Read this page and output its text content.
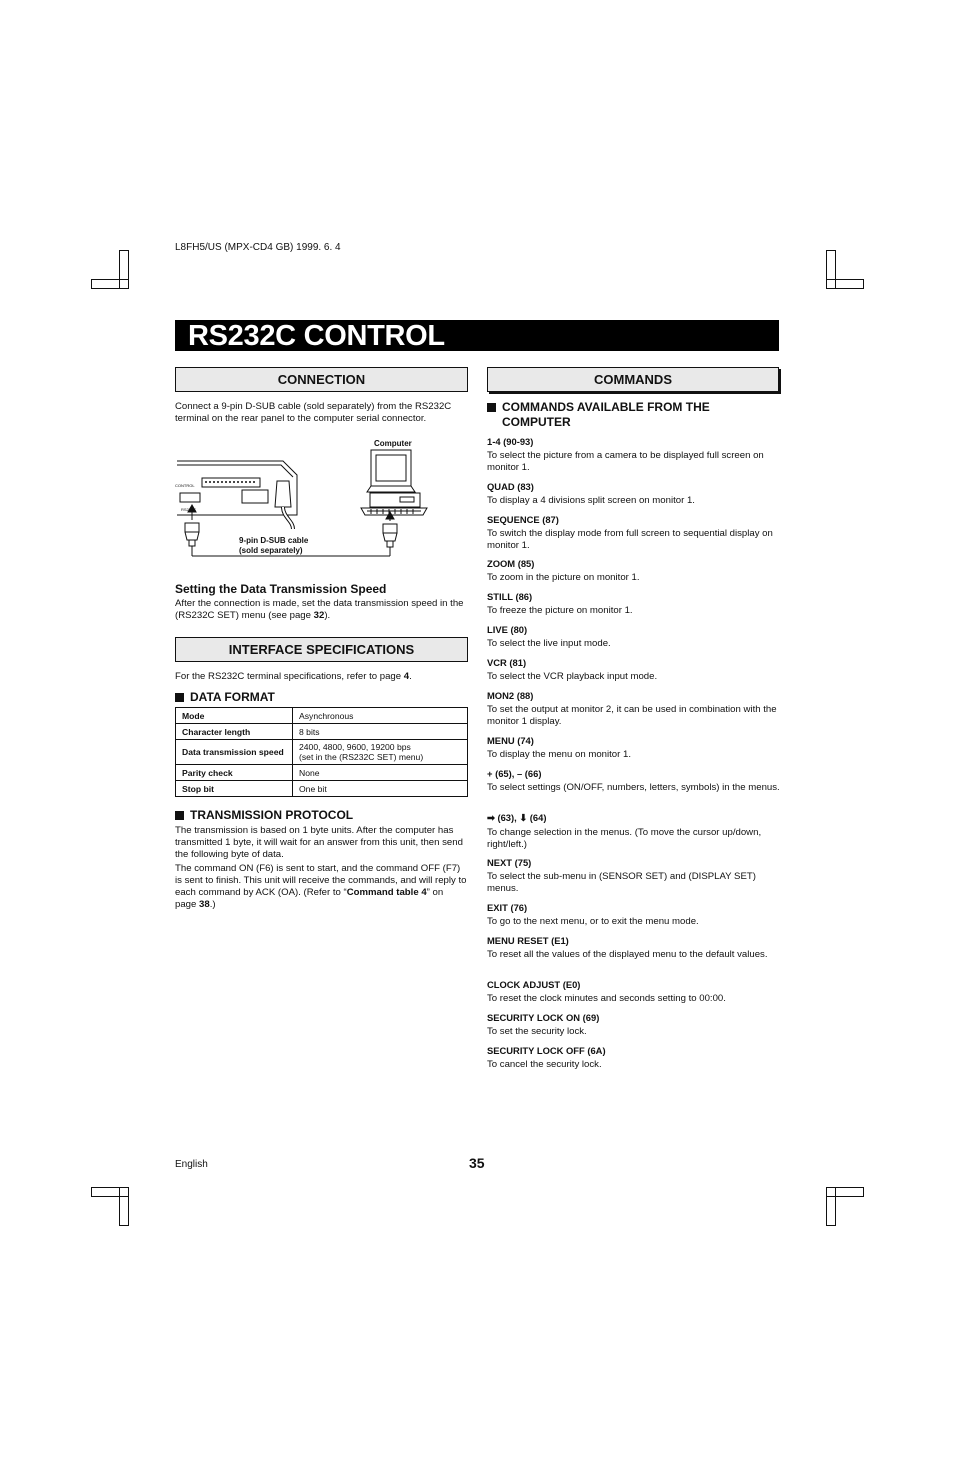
L8FH5/US (MPX-CD4 GB) 1999. 6. 4
RS232C CONTROL
CONNECTION
Connect a 9-pin D-SUB cable (sold separately) from the RS232C terminal on the rear panel to the computer serial connector.
Computer
CONTROL
RS232C
9-pin D-SUB cable
(sold separately)
Setting the Data Transmission Speed
After the connection is made, set the data transmission speed in the (RS232C SET) menu (see page 32).
INTERFACE SPECIFICATIONS
For the RS232C terminal specifications, refer to page 4.
DATA FORMAT
Mode	Asynchronous
Character length	8 bits
Data transmission speed	2400, 4800, 9600, 19200 bps
(set in the (RS232C SET) menu)

Parity check	None
Stop bit	One bit
TRANSMISSION PROTOCOL
The transmission is based on 1 byte units. After the computer has transmitted 1 byte, it will wait for an answer from this unit, then send the following byte of data.
The command ON (F6) is sent to start, and the command OFF (F7) is sent to finish. This unit will receive the commands, and will reply to each command by ACK (OA). (Refer to “Command table 4” on page 38.)
COMMANDS
COMMANDS AVAILABLE FROM THE
COMPUTER
1-4 (90-93)
To select the picture from a camera to be displayed full screen on monitor 1.
QUAD (83)
To display a 4 divisions split screen on monitor 1.
SEQUENCE (87)
To switch the display mode from full screen to sequential display on monitor 1.
ZOOM (85)
To zoom in the picture on monitor 1.
STILL (86)
To freeze the picture on monitor 1.
LIVE (80)
To select the live input mode.
VCR (81)
To select the VCR playback input mode.
MON2 (88)
To set the output at monitor 2, it can be used in combination with the monitor 1 display.
MENU (74)
To display the menu on monitor 1.
+ (65), – (66)
To select settings (ON/OFF, numbers, letters, symbols) in the menus.
➡ (63), ⬇ (64)
To change selection in the menus. (To move the cursor up/down, right/left.)
NEXT (75)
To select the sub-menu in (SENSOR SET) and (DISPLAY SET) menus.
EXIT (76)
To go to the next menu, or to exit the menu mode.
MENU RESET (E1)
To reset all the values of the displayed menu to the default values.
CLOCK ADJUST (E0)
To reset the clock minutes and seconds setting to 00:00.
SECURITY LOCK ON (69)
To set the security lock.
SECURITY LOCK OFF (6A)
To cancel the security lock.
English	35
